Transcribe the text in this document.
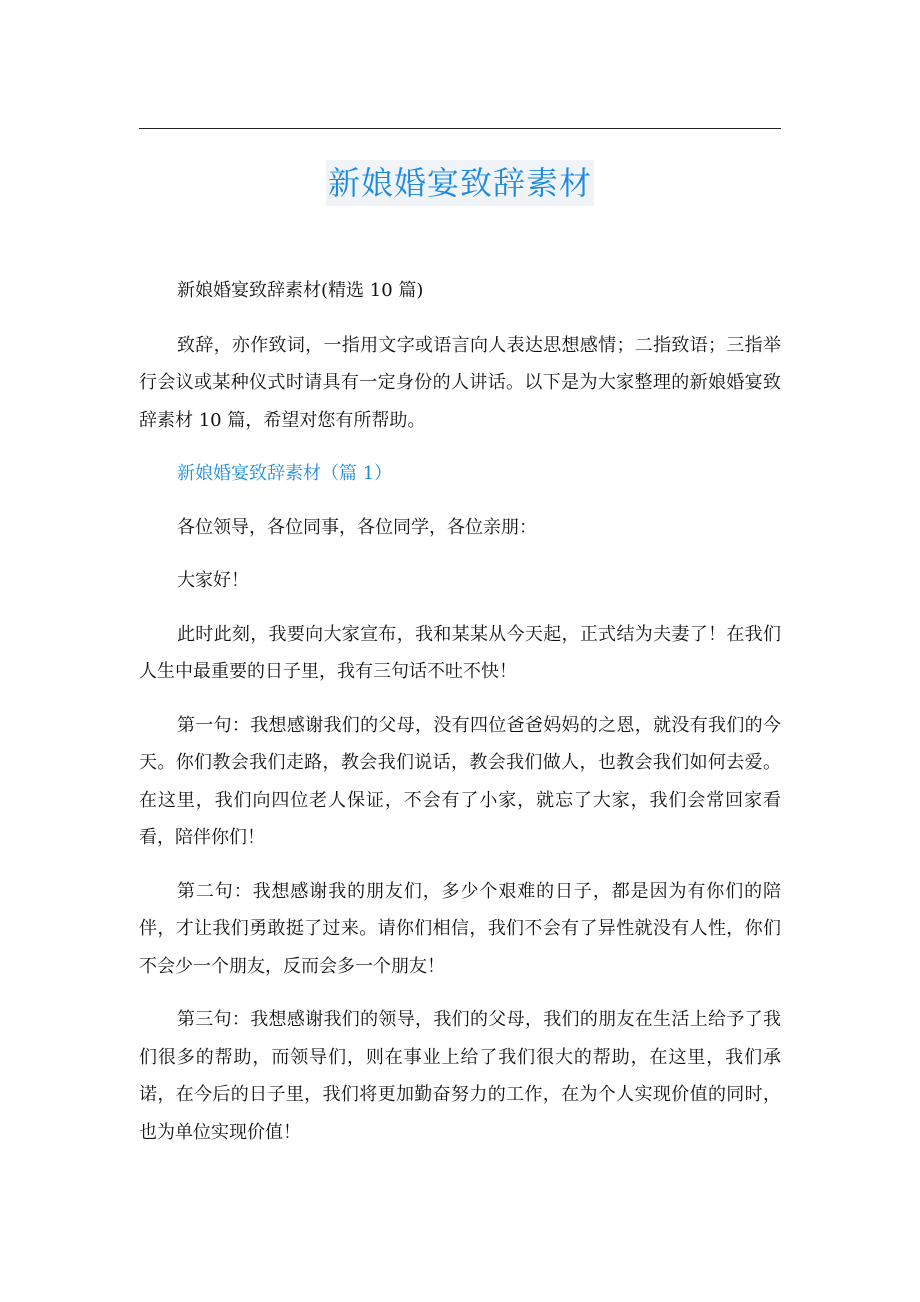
新娘婚宴致辞素材

新娘婚宴致辞素材(精选 10 篇)

致辞，亦作致词，一指用文字或语言向人表达思想感情；二指致语；三指举行会议或某种仪式时请具有一定身份的人讲话。以下是为大家整理的新娘婚宴致辞素材 10 篇，希望对您有所帮助。

新娘婚宴致辞素材（篇 1）

各位领导，各位同事，各位同学，各位亲朋：

大家好！

此时此刻，我要向大家宣布，我和某某从今天起，正式结为夫妻了！在我们人生中最重要的日子里，我有三句话不吐不快！

第一句：我想感谢我们的父母，没有四位爸爸妈妈的之恩，就没有我们的今天。你们教会我们走路，教会我们说话，教会我们做人，也教会我们如何去爱。在这里，我们向四位老人保证，不会有了小家，就忘了大家，我们会常回家看看，陪伴你们！

第二句：我想感谢我的朋友们，多少个艰难的日子，都是因为有你们的陪伴，才让我们勇敢挺了过来。请你们相信，我们不会有了异性就没有人性，你们不会少一个朋友，反而会多一个朋友！

第三句：我想感谢我们的领导，我们的父母，我们的朋友在生活上给予了我们很多的帮助，而领导们，则在事业上给了我们很大的帮助，在这里，我们承诺，在今后的日子里，我们将更加勤奋努力的工作，在为个人实现价值的同时，也为单位实现价值！
